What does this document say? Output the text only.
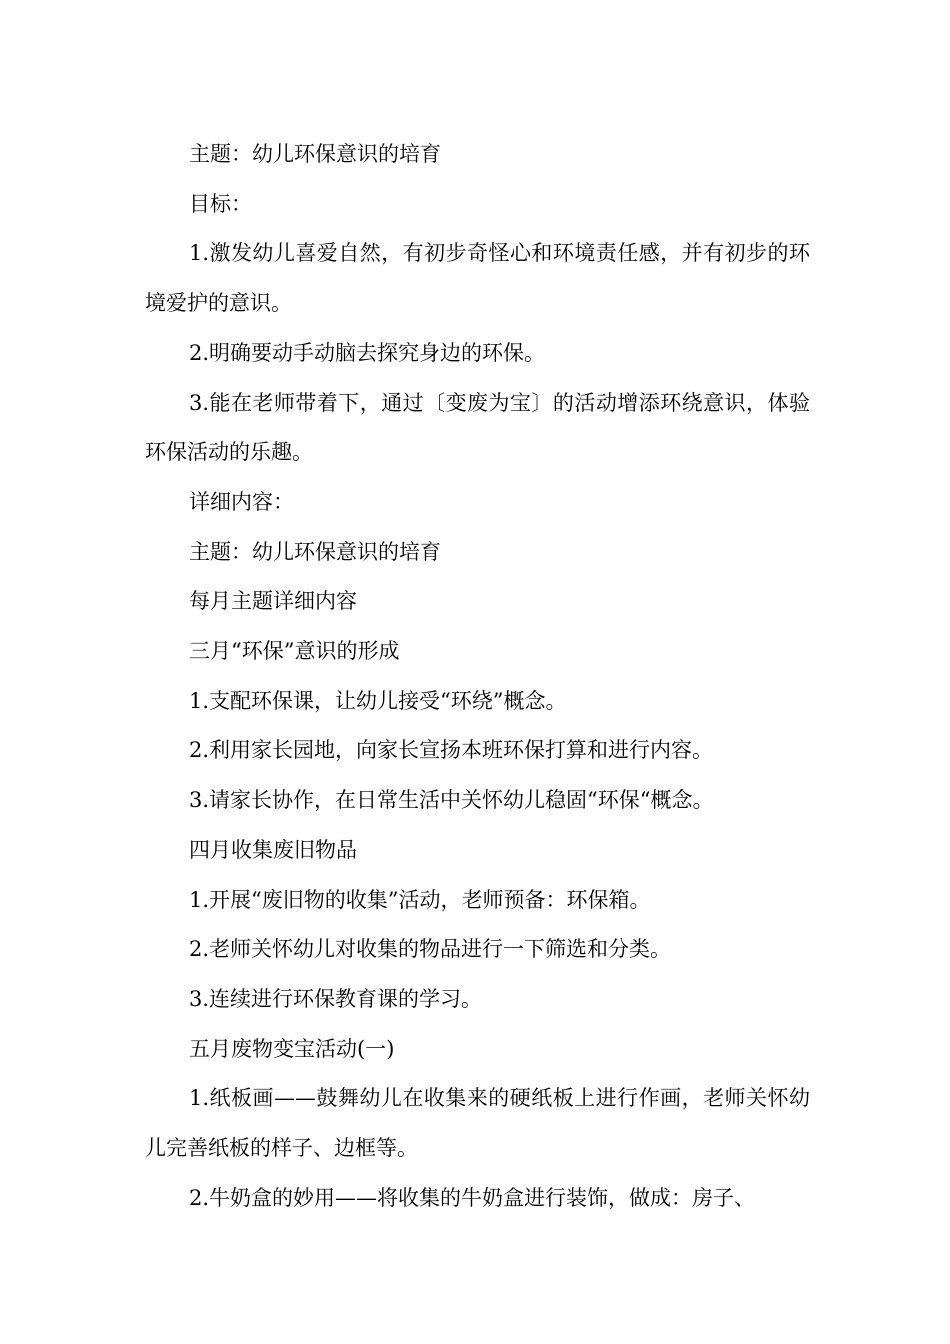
主题：幼儿环保意识的培育

目标：

1.激发幼儿喜爱自然，有初步奇怪心和环境责任感，并有初步的环境爱护的意识。

2.明确要动手动脑去探究身边的环保。

3.能在老师带着下，通过〔变废为宝〕的活动增添环绕意识，体验环保活动的乐趣。

详细内容：

主题：幼儿环保意识的培育

每月主题详细内容

三月“环保”意识的形成

1.支配环保课，让幼儿接受“环绕”概念。

2.利用家长园地，向家长宣扬本班环保打算和进行内容。

3.请家长协作，在日常生活中关怀幼儿稳固“环保“概念。

四月收集废旧物品

1.开展“废旧物的收集”活动，老师预备：环保箱。

2.老师关怀幼儿对收集的物品进行一下筛选和分类。

3.连续进行环保教育课的学习。

五月废物变宝活动(一)

1.纸板画——鼓舞幼儿在收集来的硬纸板上进行作画，老师关怀幼儿完善纸板的样子、边框等。

2.牛奶盒的妙用——将收集的牛奶盒进行装饰，做成：房子、
